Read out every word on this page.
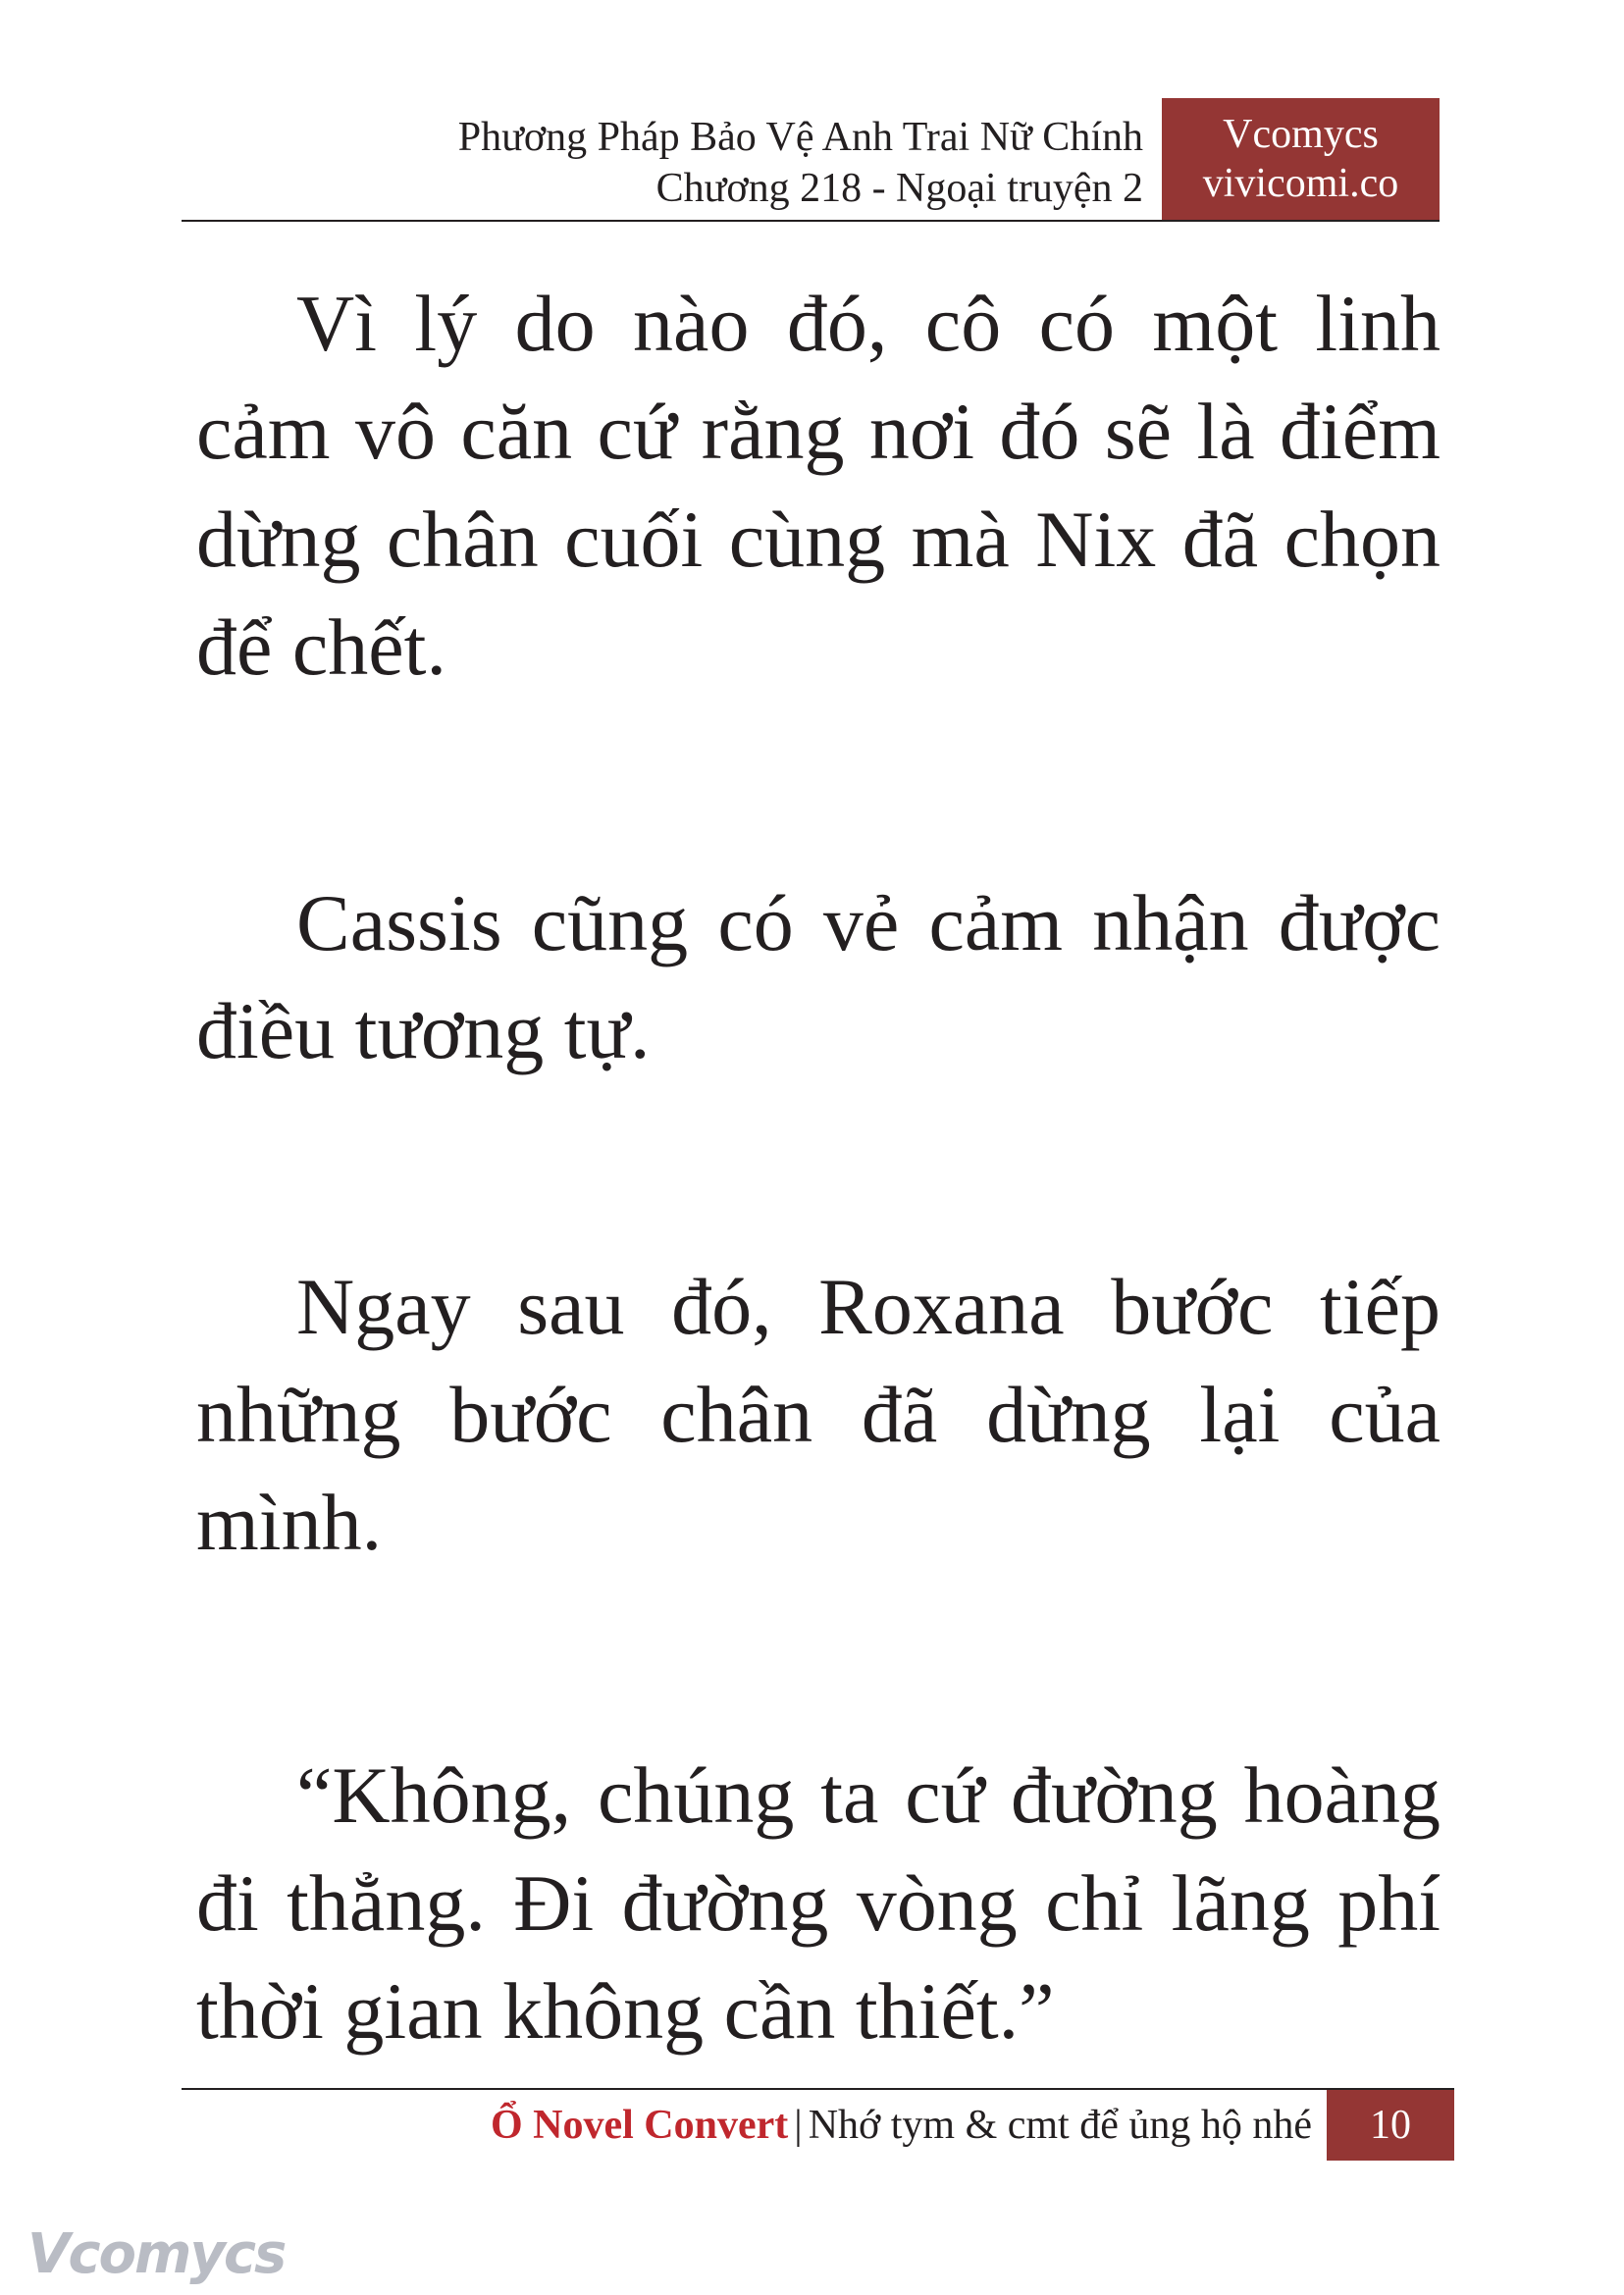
Phương Pháp Bảo Vệ Anh Trai Nữ Chính
Chương 218 - Ngoại truyện 2
Vcomycs
vivicomi.co

Vì lý do nào đó, cô có một linh cảm vô căn cứ rằng nơi đó sẽ là điểm dừng chân cuối cùng mà Nix đã chọn để chết.

Cassis cũng có vẻ cảm nhận được điều tương tự.

Ngay sau đó, Roxana bước tiếp những bước chân đã dừng lại của mình.

“Không, chúng ta cứ đường hoàng đi thẳng. Đi đường vòng chỉ lãng phí thời gian không cần thiết.”

Ổ Novel Convert | Nhớ tym & cmt để ủng hộ nhé	10
Vcomycs
